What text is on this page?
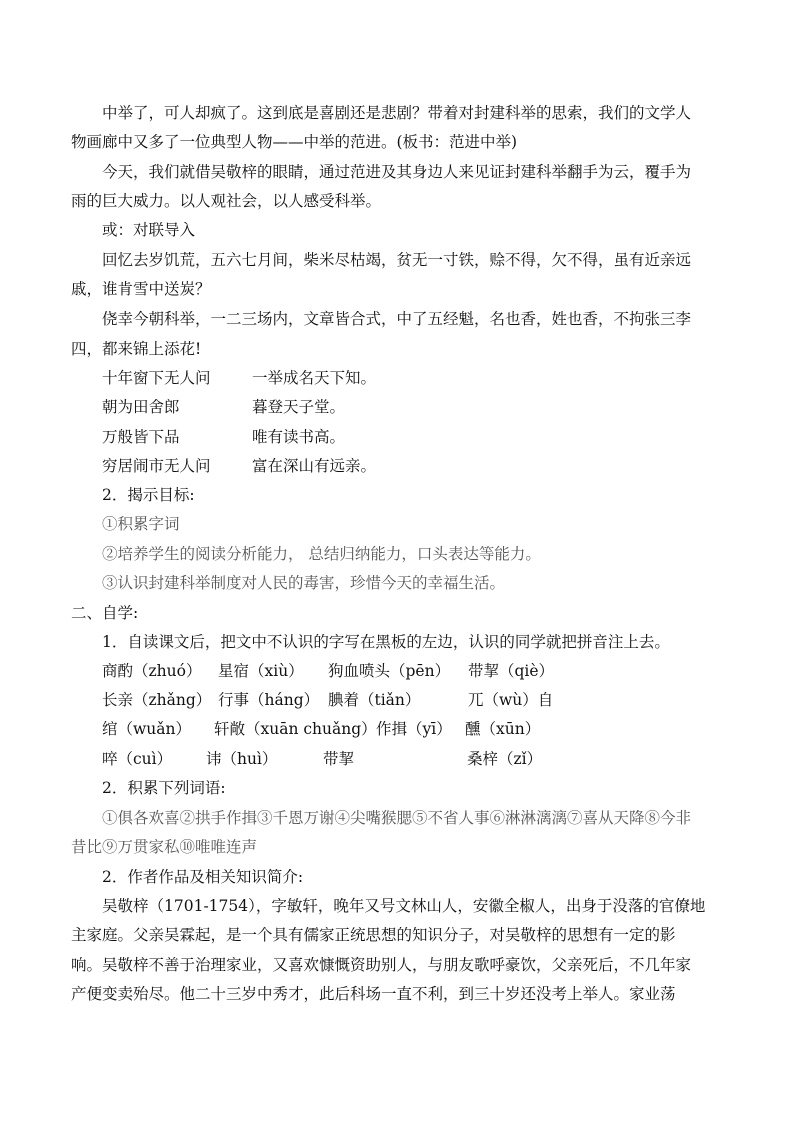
中举了，可人却疯了。这到底是喜剧还是悲剧？带着对封建科举的思索，我们的文学人
物画廊中又多了一位典型人物——中举的范进。(板书：范进中举)
今天，我们就借吴敬梓的眼睛，通过范进及其身边人来见证封建科举翻手为云，覆手为
雨的巨大威力。以人观社会，以人感受科举。
或：对联导入
回忆去岁饥荒，五六七月间，柴米尽枯竭，贫无一寸铁，赊不得，欠不得，虽有近亲远
戚，谁肯雪中送炭？
侥幸今朝科举，一二三场内，文章皆合式，中了五经魁，名也香，姓也香，不拘张三李
四，都来锦上添花!
十年窗下无人问	一举成名天下知。
朝为田舍郎	暮登天子堂。
万般皆下品	唯有读书高。
穷居闹市无人问	富在深山有远亲。
2．揭示目标:
①积累字词
②培养学生的阅读分析能力， 总结归纳能力，口头表达等能力。
③认识封建科举制度对人民的毒害，珍惜今天的幸福生活。
二、自学:
1．自读课文后，把文中不认识的字写在黑板的左边，认识的同学就把拼音注上去。
商酌（zhuó） 星宿（xiù） 狗血喷头（pēn） 带挈（qiè）
长亲（zhǎng） 行事（háng） 腆着（tiǎn）	兀（wù）自
绾（wuǎn） 轩敞（xuān chuǎng） 作揖（yī） 醺（xūn）
啐（cuì） 讳（huì）	带挈	桑梓（zǐ）
2．积累下列词语:
①俱各欢喜②拱手作揖③千恩万谢④尖嘴猴腮⑤不省人事⑥淋淋漓漓⑦喜从天降⑧今非
昔比⑨万贯家私⑩唯唯连声
2．作者作品及相关知识简介:
吴敬梓（1701-1754），字敏轩，晚年又号文林山人，安徽全椒人，出身于没落的官僚地
主家庭。父亲吴霖起，是一个具有儒家正统思想的知识分子，对吴敬梓的思想有一定的影
响。吴敬梓不善于治理家业，又喜欢慷慨资助别人，与朋友歌呼豪饮，父亲死后，不几年家
产便变卖殆尽。他二十三岁中秀才，此后科场一直不利，到三十岁还没考上举人。家业荡
